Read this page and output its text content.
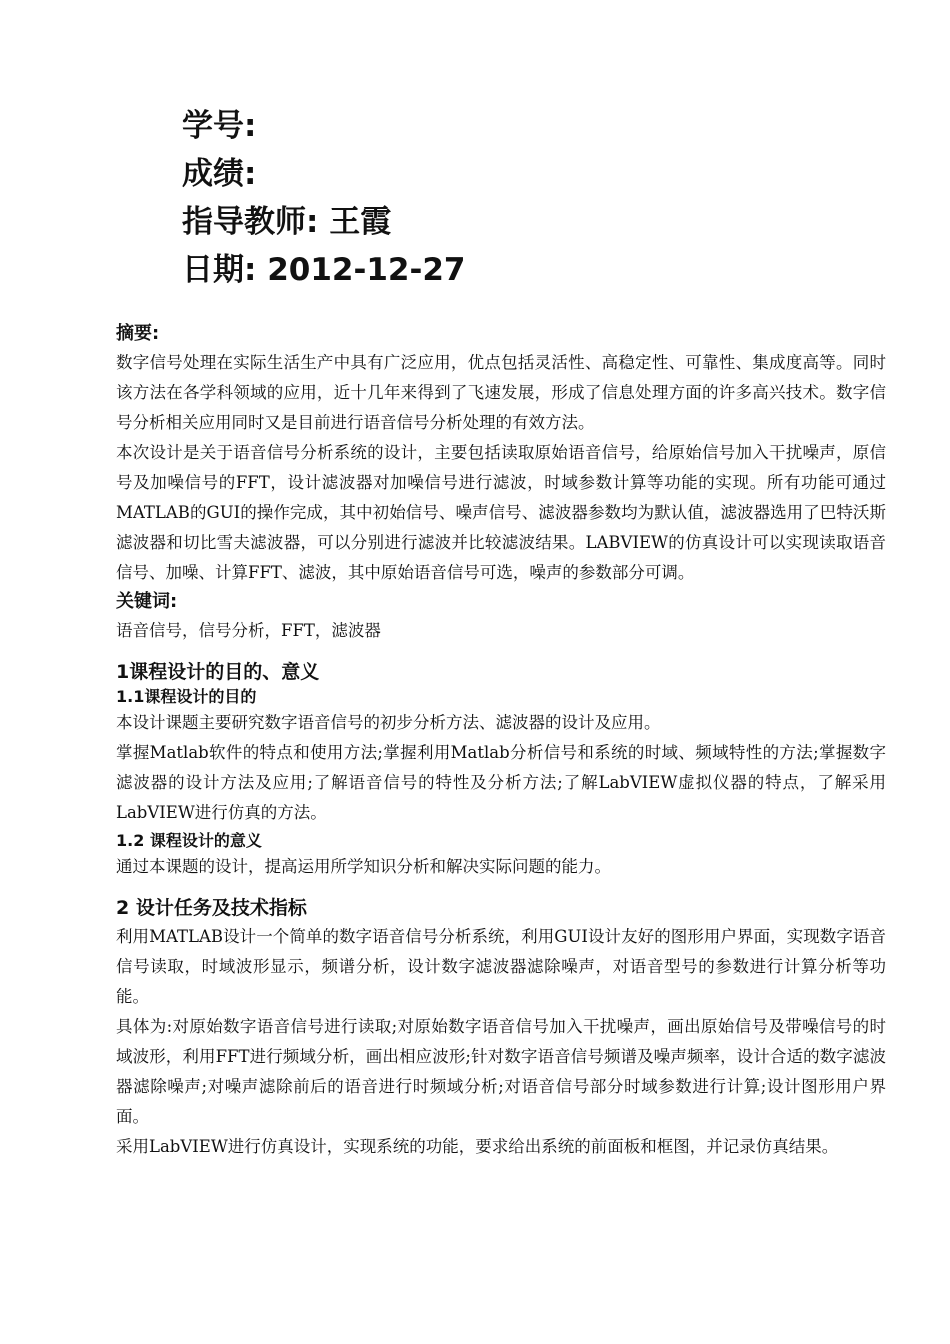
学号:
成绩:
指导教师: 王霞
日期: 2012-12-27
摘要:
数字信号处理在实际生活生产中具有广泛应用，优点包括灵活性、高稳定性、可靠性、集成度高等。同时该方法在各学科领域的应用，近十几年来得到了飞速发展，形成了信息处理方面的许多高兴技术。数字信号分析相关应用同时又是目前进行语音信号分析处理的有效方法。
本次设计是关于语音信号分析系统的设计，主要包括读取原始语音信号，给原始信号加入干扰噪声，原信号及加噪信号的FFT，设计滤波器对加噪信号进行滤波，时域参数计算等功能的实现。所有功能可通过MATLAB的GUI的操作完成，其中初始信号、噪声信号、滤波器参数均为默认值，滤波器选用了巴特沃斯滤波器和切比雪夫滤波器，可以分别进行滤波并比较滤波结果。LABVIEW的仿真设计可以实现读取语音信号、加噪、计算FFT、滤波，其中原始语音信号可选，噪声的参数部分可调。
关键词:
语音信号，信号分析，FFT，滤波器
1课程设计的目的、意义
1.1课程设计的目的
本设计课题主要研究数字语音信号的初步分析方法、滤波器的设计及应用。
掌握Matlab软件的特点和使用方法;掌握利用Matlab分析信号和系统的时域、频域特性的方法;掌握数字滤波器的设计方法及应用;了解语音信号的特性及分析方法;了解LabVIEW虚拟仪器的特点，了解采用LabVIEW进行仿真的方法。
1.2 课程设计的意义
通过本课题的设计，提高运用所学知识分析和解决实际问题的能力。
2 设计任务及技术指标
利用MATLAB设计一个简单的数字语音信号分析系统，利用GUI设计友好的图形用户界面，实现数字语音信号读取，时域波形显示，频谱分析，设计数字滤波器滤除噪声，对语音型号的参数进行计算分析等功能。
具体为:对原始数字语音信号进行读取;对原始数字语音信号加入干扰噪声，画出原始信号及带噪信号的时域波形，利用FFT进行频域分析，画出相应波形;针对数字语音信号频谱及噪声频率，设计合适的数字滤波器滤除噪声;对噪声滤除前后的语音进行时频域分析;对语音信号部分时域参数进行计算;设计图形用户界面。
采用LabVIEW进行仿真设计，实现系统的功能，要求给出系统的前面板和框图，并记录仿真结果。
